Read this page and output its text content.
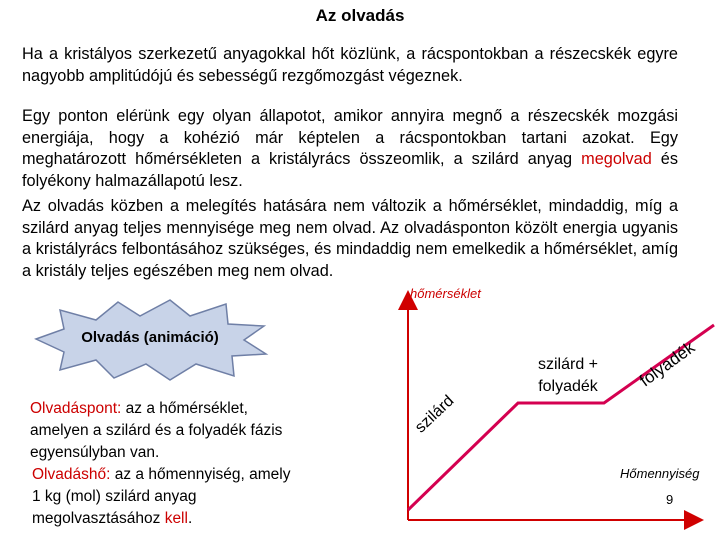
Az olvadás
Ha a kristályos szerkezetű anyagokkal hőt közlünk, a rácspontokban a részecskék egyre nagyobb amplitúdójú és sebességű rezgőmozgást végeznek.
Egy ponton elérünk egy olyan állapotot, amikor annyira megnő a részecskék mozgási energiája, hogy a kohézió már képtelen a rácspontokban tartani azokat. Egy meghatározott hőmérsékleten a kristályrács összeomlik, a szilárd anyag megolvad és folyékony halmazállapotú lesz.
Az olvadás közben a melegítés hatására nem változik a hőmérséklet, mindaddig, míg a szilárd anyag teljes mennyisége meg nem olvad. Az olvadásponton közölt energia ugyanis a kristályrács felbontásához szükséges, és mindaddig nem emelkedik a hőmérséklet, amíg a kristály teljes egészében meg nem olvad.
Olvadás (animáció)
Olvadáspont: az a hőmérséklet, amelyen a szilárd és a folyadék fázis egyensúlyban van.
Olvadáshő: az a hőmennyiség, amely 1 kg (mol) szilárd anyag megolvasztásához kell.
hőmérséklet
Hőmennyiség
szilárd
szilárd +
folyadék	folyadék
9
